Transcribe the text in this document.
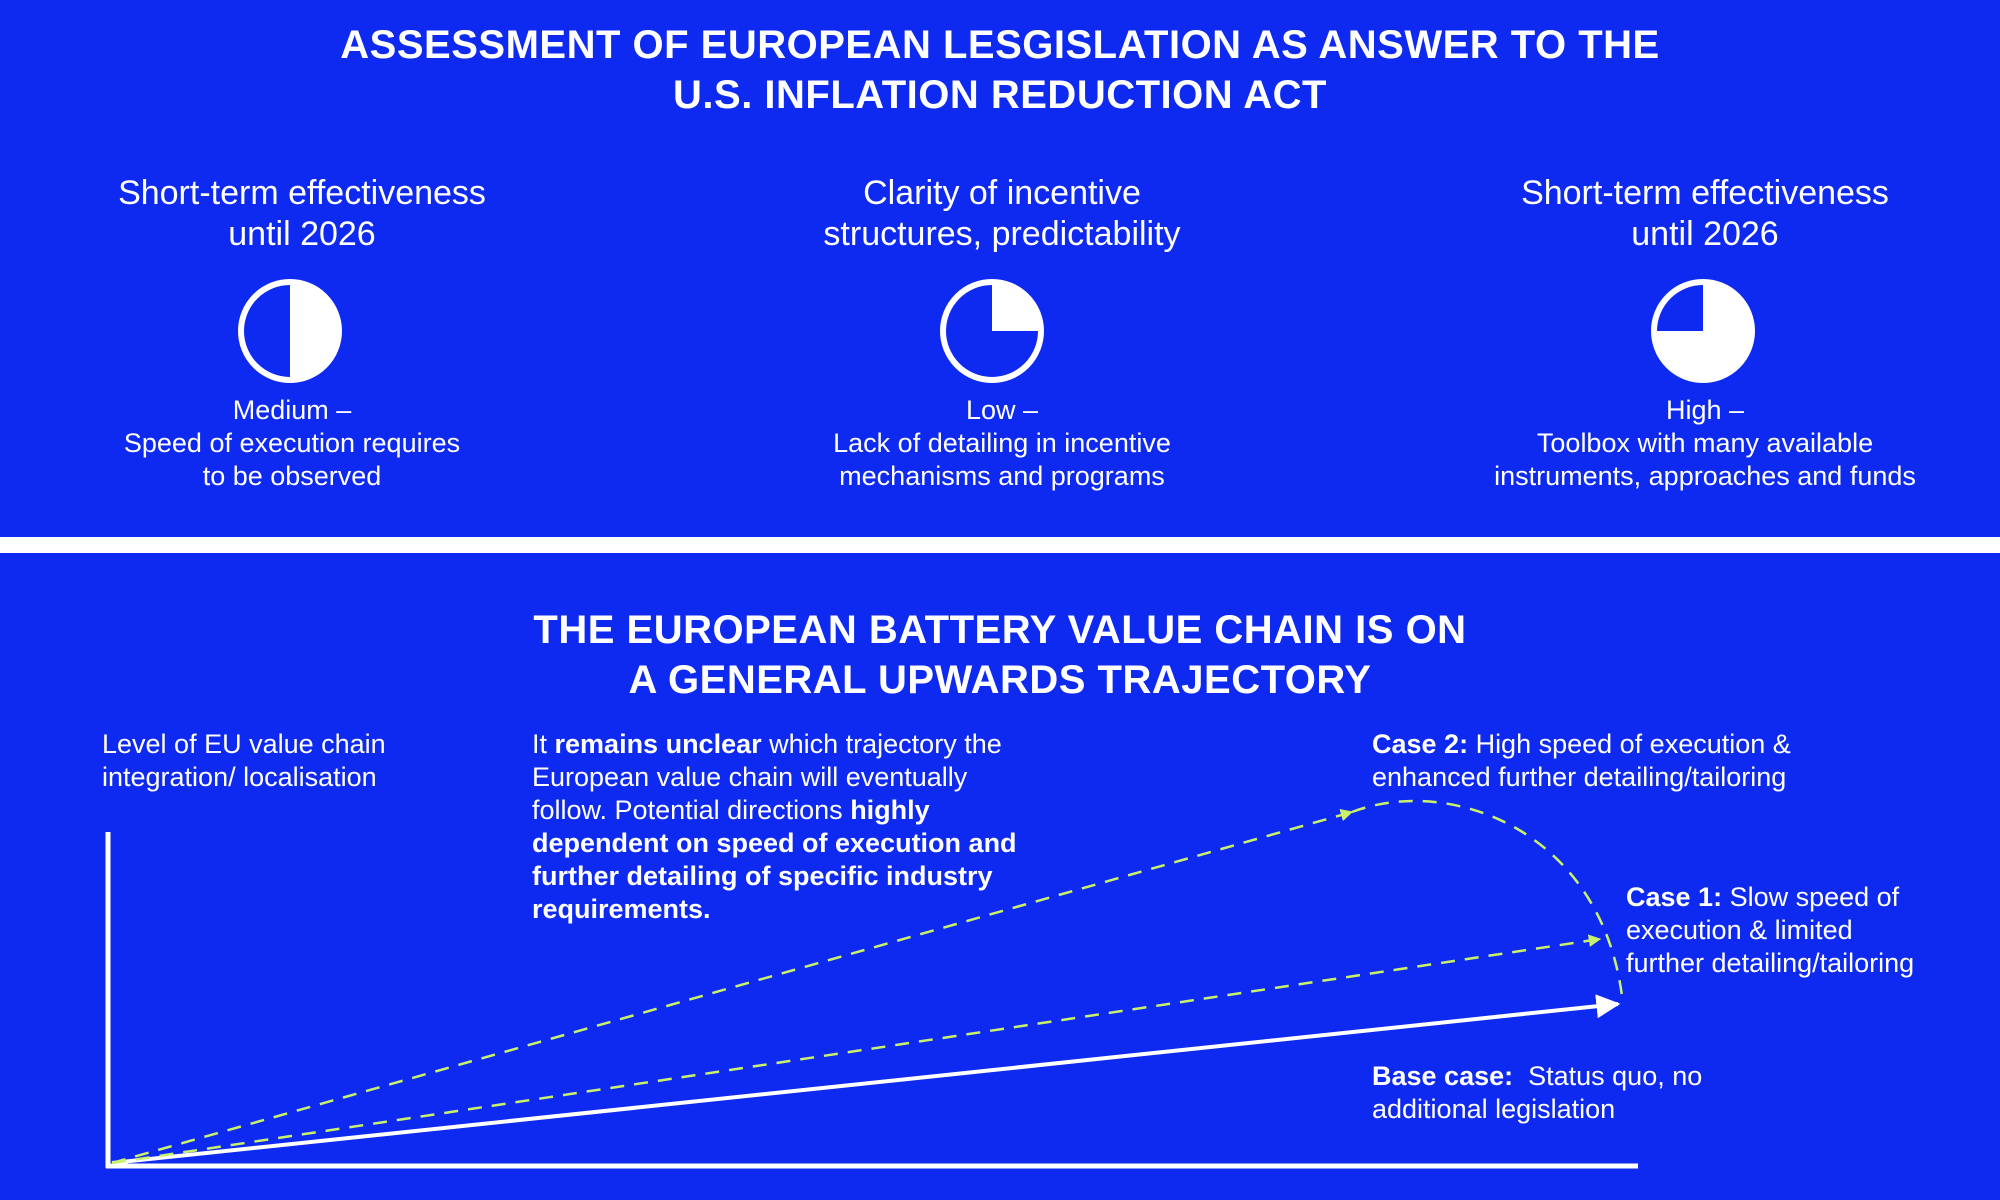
ASSESSMENT OF EUROPEAN LESGISLATION AS ANSWER TO THE
U.S. INFLATION REDUCTION ACT
Short-term effectiveness
until 2026
Medium –
Speed of execution requires
to be observed
Clarity of incentive
structures, predictability
Low –
Lack of detailing in incentive
mechanisms and programs
Short-term effectiveness
until 2026
High –
Toolbox with many available
instruments, approaches and funds
THE EUROPEAN BATTERY VALUE CHAIN IS ON
A GENERAL UPWARDS TRAJECTORY
Level of EU value chain
integration/ localisation
It remains unclear which trajectory the
European value chain will eventually
follow. Potential directions highly
dependent on speed of execution and
further detailing of specific industry
requirements.
Case 2: High speed of execution &
enhanced further detailing/tailoring
Case 1: Slow speed of
execution & limited
further detailing/tailoring
Base case:  Status quo, no
additional legislation
